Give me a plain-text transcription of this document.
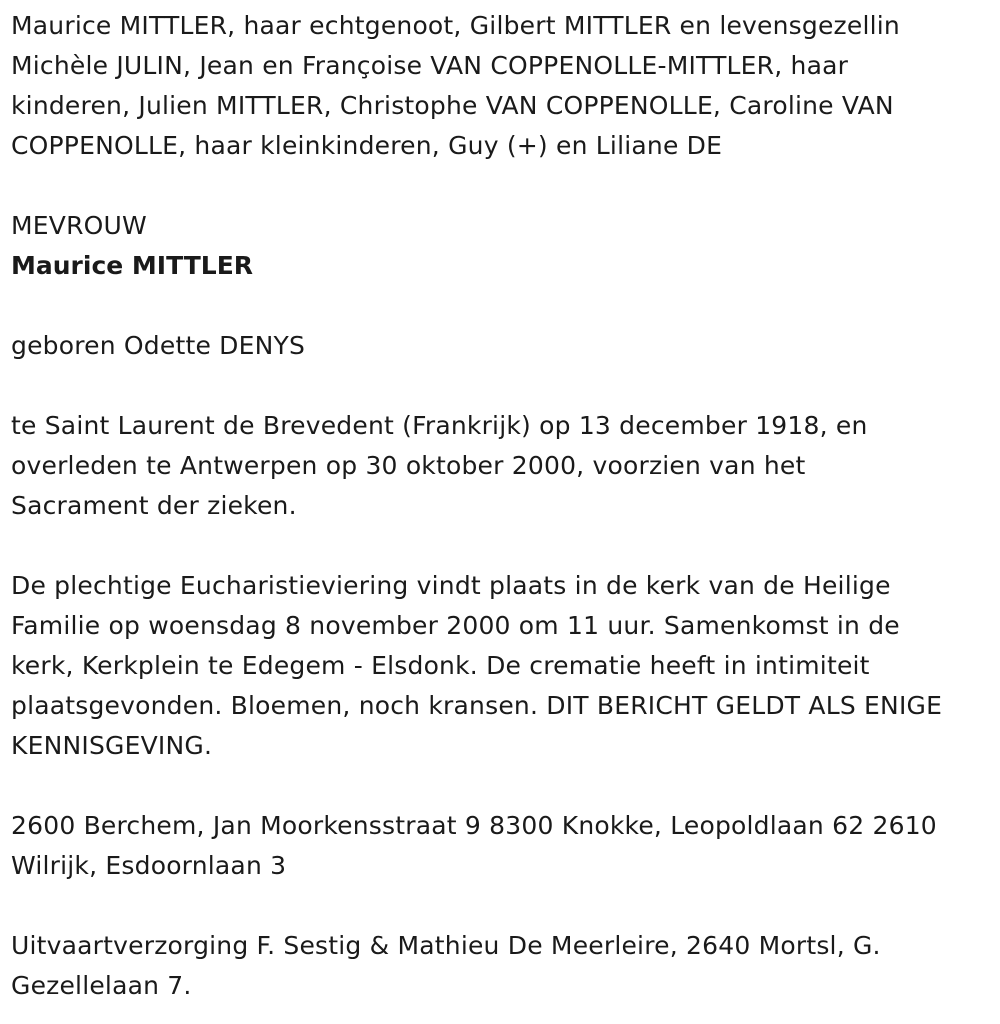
Maurice MITTLER, haar echtgenoot, Gilbert MITTLER en levensgezellin

Michèle JULIN, Jean en Françoise VAN COPPENOLLE-MITTLER, haar

kinderen, Julien MITTLER, Christophe VAN COPPENOLLE, Caroline VAN

COPPENOLLE, haar kleinkinderen, Guy (+) en Liliane DE

MEVROUW

Maurice MITTLER

geboren Odette DENYS

te Saint Laurent de Brevedent (Frankrijk) op 13 december 1918, en

overleden te Antwerpen op 30 oktober 2000, voorzien van het

Sacrament der zieken.

De plechtige Eucharistieviering vindt plaats in de kerk van de Heilige

Familie op woensdag 8 november 2000 om 11 uur. Samenkomst in de

kerk, Kerkplein te Edegem - Elsdonk. De crematie heeft in intimiteit

plaatsgevonden. Bloemen, noch kransen. DIT BERICHT GELDT ALS ENIGE

KENNISGEVING.

2600 Berchem, Jan Moorkensstraat 9 8300 Knokke, Leopoldlaan 62 2610

Wilrijk, Esdoornlaan 3

Uitvaartverzorging F. Sestig & Mathieu De Meerleire, 2640 Mortsl, G.

Gezellelaan 7.
